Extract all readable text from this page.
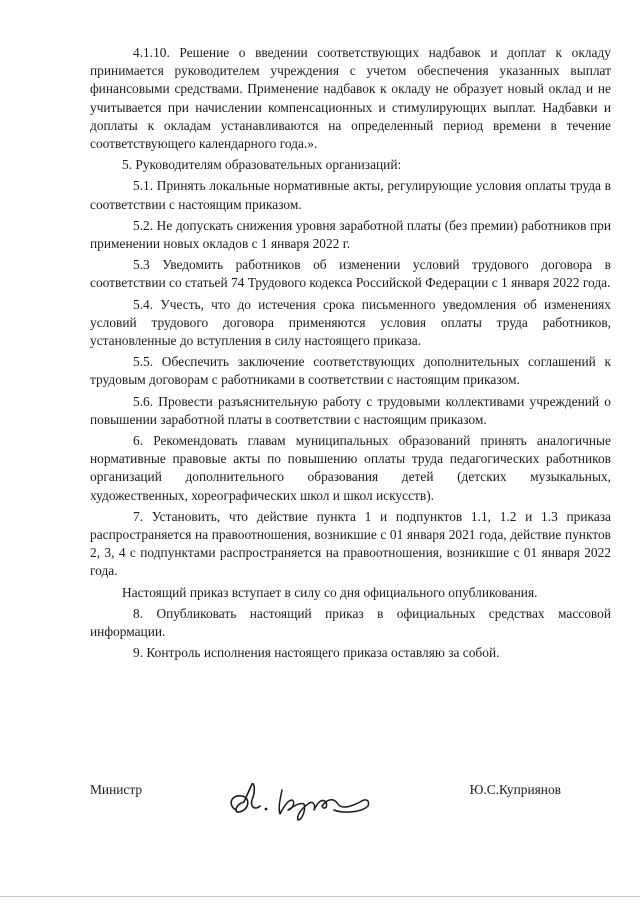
4.1.10. Решение о введении соответствующих надбавок и доплат к окладу принимается руководителем учреждения с учетом обеспечения указанных выплат финансовыми средствами. Применение надбавок к окладу не образует новый оклад и не учитывается при начислении компенсационных и стимулирующих выплат. Надбавки и доплаты к окладам устанавливаются на определенный период времени в течение соответствующего календарного года.».

5. Руководителям образовательных организаций:

5.1. Принять локальные нормативные акты, регулирующие условия оплаты труда в соответствии с настоящим приказом.

5.2. Не допускать снижения уровня заработной платы (без премии) работников при применении новых окладов с 1 января 2022 г.

5.3 Уведомить работников об изменении условий трудового договора в соответствии со статьей 74 Трудового кодекса Российской Федерации с 1 января 2022 года.

5.4. Учесть, что до истечения срока письменного уведомления об изменениях условий трудового договора применяются условия оплаты труда работников, установленные до вступления в силу настоящего приказа.

5.5. Обеспечить заключение соответствующих дополнительных соглашений к трудовым договорам с работниками в соответствии с настоящим приказом.

5.6. Провести разъяснительную работу с трудовыми коллективами учреждений о повышении заработной платы в соответствии с настоящим приказом.

6. Рекомендовать главам муниципальных образований принять аналогичные нормативные правовые акты по повышению оплаты труда педагогических работников организаций дополнительного образования детей (детских музыкальных, художественных, хореографических школ и школ искусств).

7. Установить, что действие пункта 1 и подпунктов 1.1, 1.2 и 1.3 приказа распространяется на правоотношения, возникшие с 01 января 2021 года, действие пунктов 2, 3, 4 с подпунктами распространяется на правоотношения, возникшие с 01 января 2022 года.

Настоящий приказ вступает в силу со дня официального опубликования.

8. Опубликовать настоящий приказ в официальных средствах массовой информации.

9. Контроль исполнения настоящего приказа оставляю за собой.

Министр	Ю.С.Куприянов
